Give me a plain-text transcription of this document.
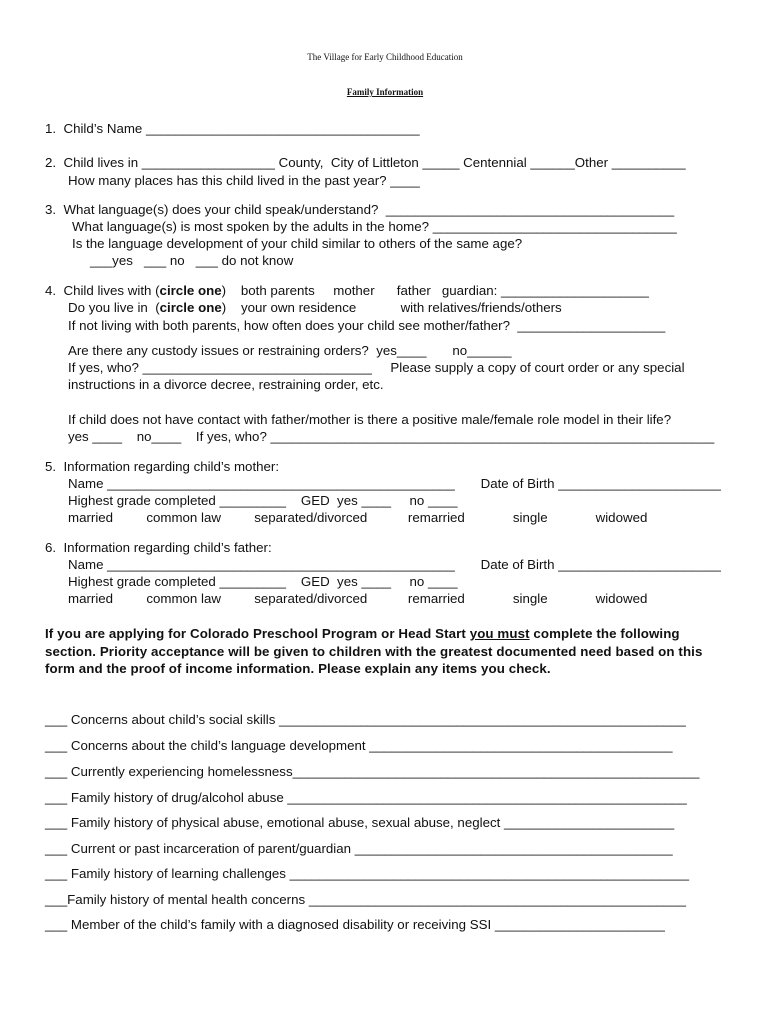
The Village for Early Childhood Education
Family Information
1.  Child’s Name _____________________________________
2.  Child lives in __________________ County,  City of Littleton _____ Centennial ______Other __________
How many places has this child lived in the past year? ____
3.  What language(s) does your child speak/understand?  _______________________________________
What language(s) is most spoken by the adults in the home? _________________________________
Is the language development of your child similar to others of the same age?
___yes   ___ no   ___ do not know
4.  Child lives with (circle one)    both parents     mother      father   guardian: ____________________
Do you live in  (circle one)    your own residence            with relatives/friends/others
If not living with both parents, how often does your child see mother/father?  ____________________
Are there any custody issues or restraining orders?  yes____       no______
If yes, who? _______________________________     Please supply a copy of court order or any special
instructions in a divorce decree, restraining order, etc.
If child does not have contact with father/mother is there a positive male/female role model in their life?
yes ____    no____    If yes, who? ____________________________________________________________
5.  Information regarding child’s mother:
Name _______________________________________________       Date of Birth ______________________
Highest grade completed _________    GED  yes ____     no ____
married         common law         separated/divorced           remarried             single             widowed
6.  Information regarding child’s father:
Name _______________________________________________       Date of Birth ______________________
Highest grade completed _________    GED  yes ____     no ____
married         common law         separated/divorced           remarried             single             widowed
If you are applying for Colorado Preschool Program or Head Start you must complete the following section. Priority acceptance will be given to children with the greatest documented need based on this form and the proof of income information. Please explain any items you check.
___ Concerns about child’s social skills _______________________________________________________
___ Concerns about the child’s language development _________________________________________
___ Currently experiencing homelessness_______________________________________________________
___ Family history of drug/alcohol abuse ______________________________________________________
___ Family history of physical abuse, emotional abuse, sexual abuse, neglect _______________________
___ Current or past incarceration of parent/guardian ___________________________________________
___ Family history of learning challenges ______________________________________________________
___Family history of mental health concerns ___________________________________________________
___ Member of the child’s family with a diagnosed disability or receiving SSI _______________________
